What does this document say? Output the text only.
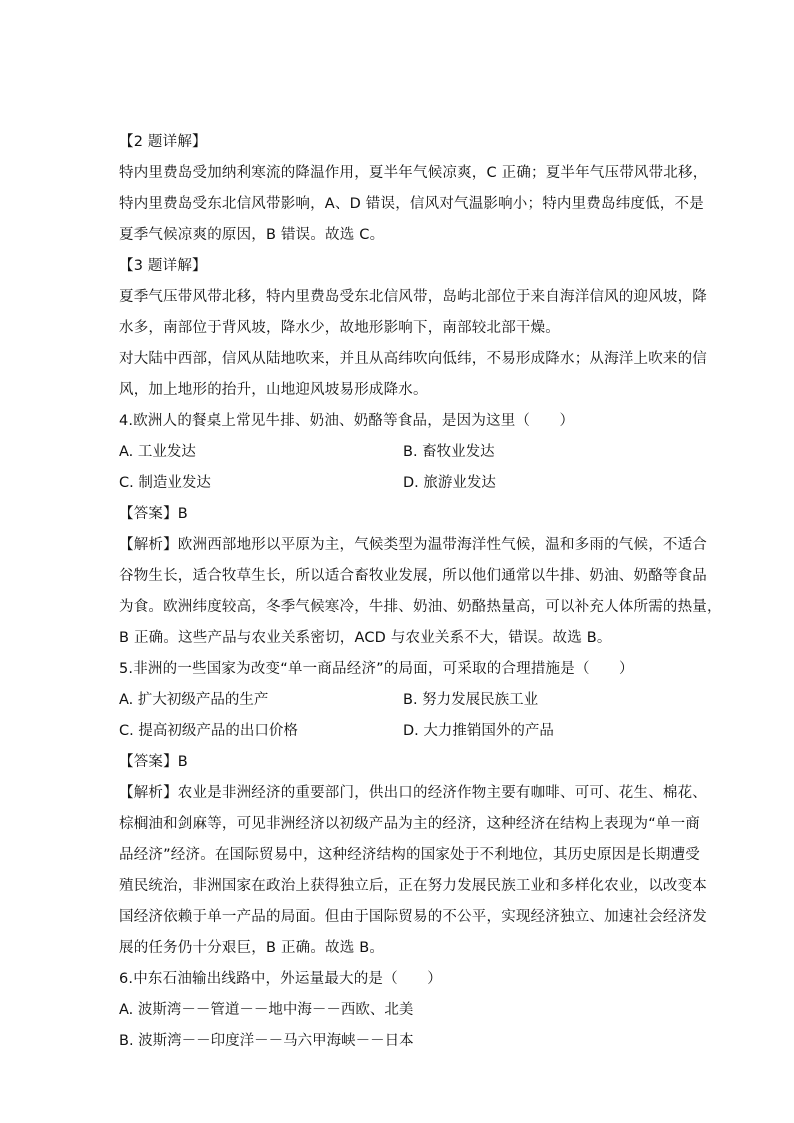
【2 题详解】
特内里费岛受加纳利寒流的降温作用，夏半年气候凉爽，C 正确；夏半年气压带风带北移，
特内里费岛受东北信风带影响，A、D 错误，信风对气温影响小；特内里费岛纬度低，不是
夏季气候凉爽的原因，B 错误。故选 C。
【3 题详解】
夏季气压带风带北移，特内里费岛受东北信风带，岛屿北部位于来自海洋信风的迎风坡，降
水多，南部位于背风坡，降水少，故地形影响下，南部较北部干燥。
对大陆中西部，信风从陆地吹来，并且从高纬吹向低纬，不易形成降水；从海洋上吹来的信
风，加上地形的抬升，山地迎风坡易形成降水。
4.欧洲人的餐桌上常见牛排、奶油、奶酪等食品，是因为这里（　　）
A. 工业发达	B. 畜牧业发达
C. 制造业发达	D. 旅游业发达
【答案】B
【解析】欧洲西部地形以平原为主，气候类型为温带海洋性气候，温和多雨的气候，不适合
谷物生长，适合牧草生长，所以适合畜牧业发展，所以他们通常以牛排、奶油、奶酪等食品
为食。欧洲纬度较高，冬季气候寒冷，牛排、奶油、奶酪热量高，可以补充人体所需的热量，
B 正确。这些产品与农业关系密切，ACD 与农业关系不大，错误。故选 B。
5.非洲的一些国家为改变“单一商品经济”的局面，可采取的合理措施是（　　）
A. 扩大初级产品的生产	B. 努力发展民族工业
C. 提高初级产品的出口价格	D. 大力推销国外的产品
【答案】B
【解析】农业是非洲经济的重要部门，供出口的经济作物主要有咖啡、可可、花生、棉花、
棕榈油和剑麻等，可见非洲经济以初级产品为主的经济，这种经济在结构上表现为“单一商
品经济”经济。在国际贸易中，这种经济结构的国家处于不利地位，其历史原因是长期遭受
殖民统治，非洲国家在政治上获得独立后，正在努力发展民族工业和多样化农业，以改变本
国经济依赖于单一产品的局面。但由于国际贸易的不公平，实现经济独立、加速社会经济发
展的任务仍十分艰巨，B 正确。故选 B。
6.中东石油输出线路中，外运量最大的是（　　）
A. 波斯湾－－管道－－地中海－－西欧、北美
B. 波斯湾－－印度洋－－马六甲海峡－－日本
